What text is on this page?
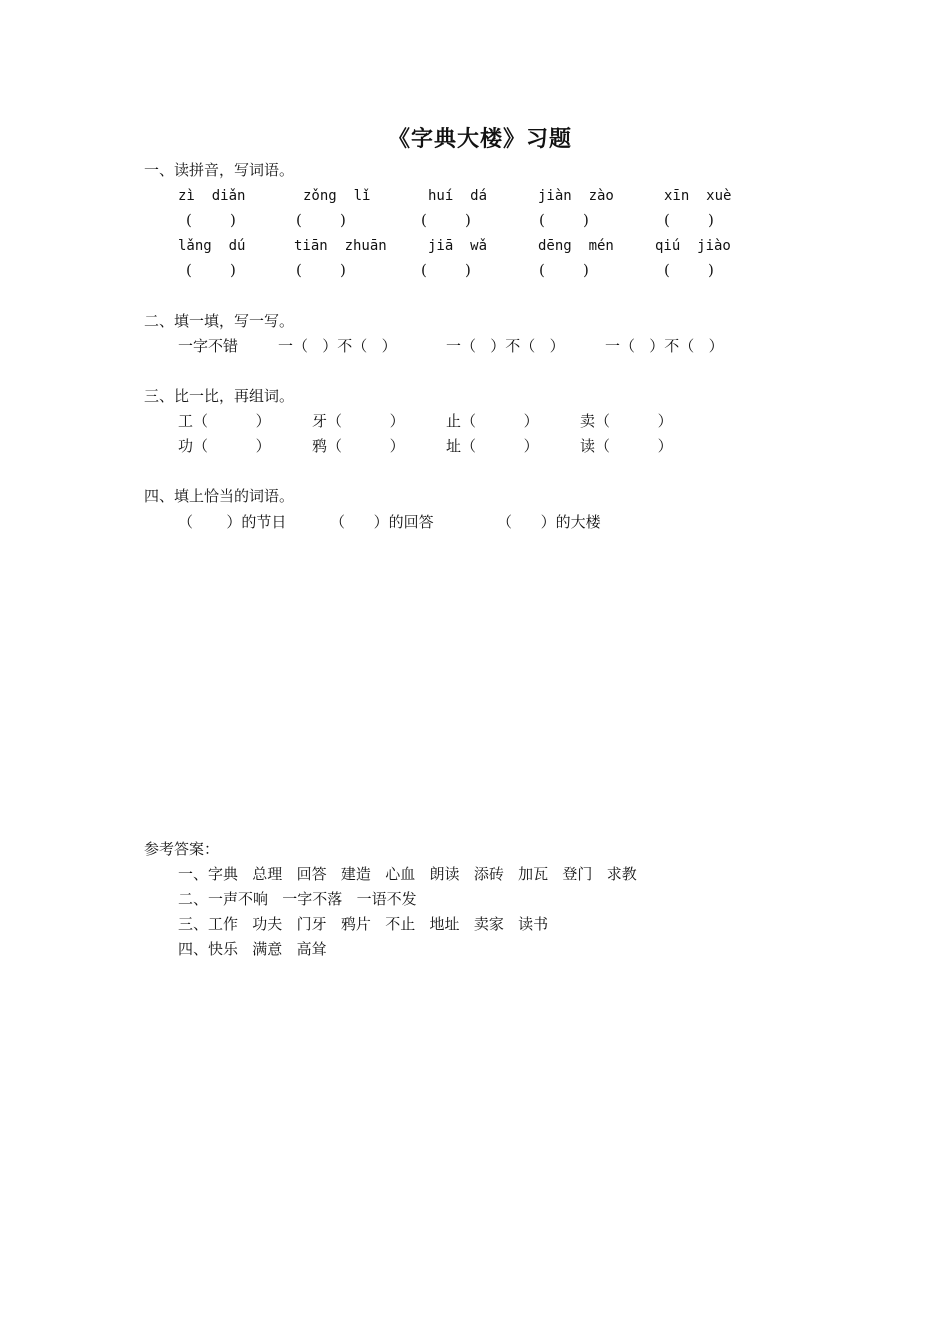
《字典大楼》习题
一、读拼音，写词语。
zì  diǎn	zǒng  lǐ	huí  dá	jiàn  zào	xīn  xuè
(        )	(        )	(        )	(        )	(        )
lǎng  dú	tiān  zhuān	jiā  wǎ	dēng  mén	qiú  jiào
(        )	(        )	(        )	(        )	(        )
二、填一填，写一写。
一字不错	一（   ）不（   ）	一（   ）不（   ）	一（   ）不（   ）
三、比一比，再组词。
工（          ）	牙（          ）	止（          ）	卖（          ）
功（          ）	鸦（          ）	址（          ）	读（          ）
四、填上恰当的词语。
（       ）的节日	（      ）的回答	（      ）的大楼
参考答案：
一、字典   总理   回答   建造   心血   朗读   添砖   加瓦   登门   求教
二、一声不响   一字不落   一语不发
三、工作   功夫   门牙   鸦片   不止   地址   卖家   读书
四、快乐   满意   高耸
